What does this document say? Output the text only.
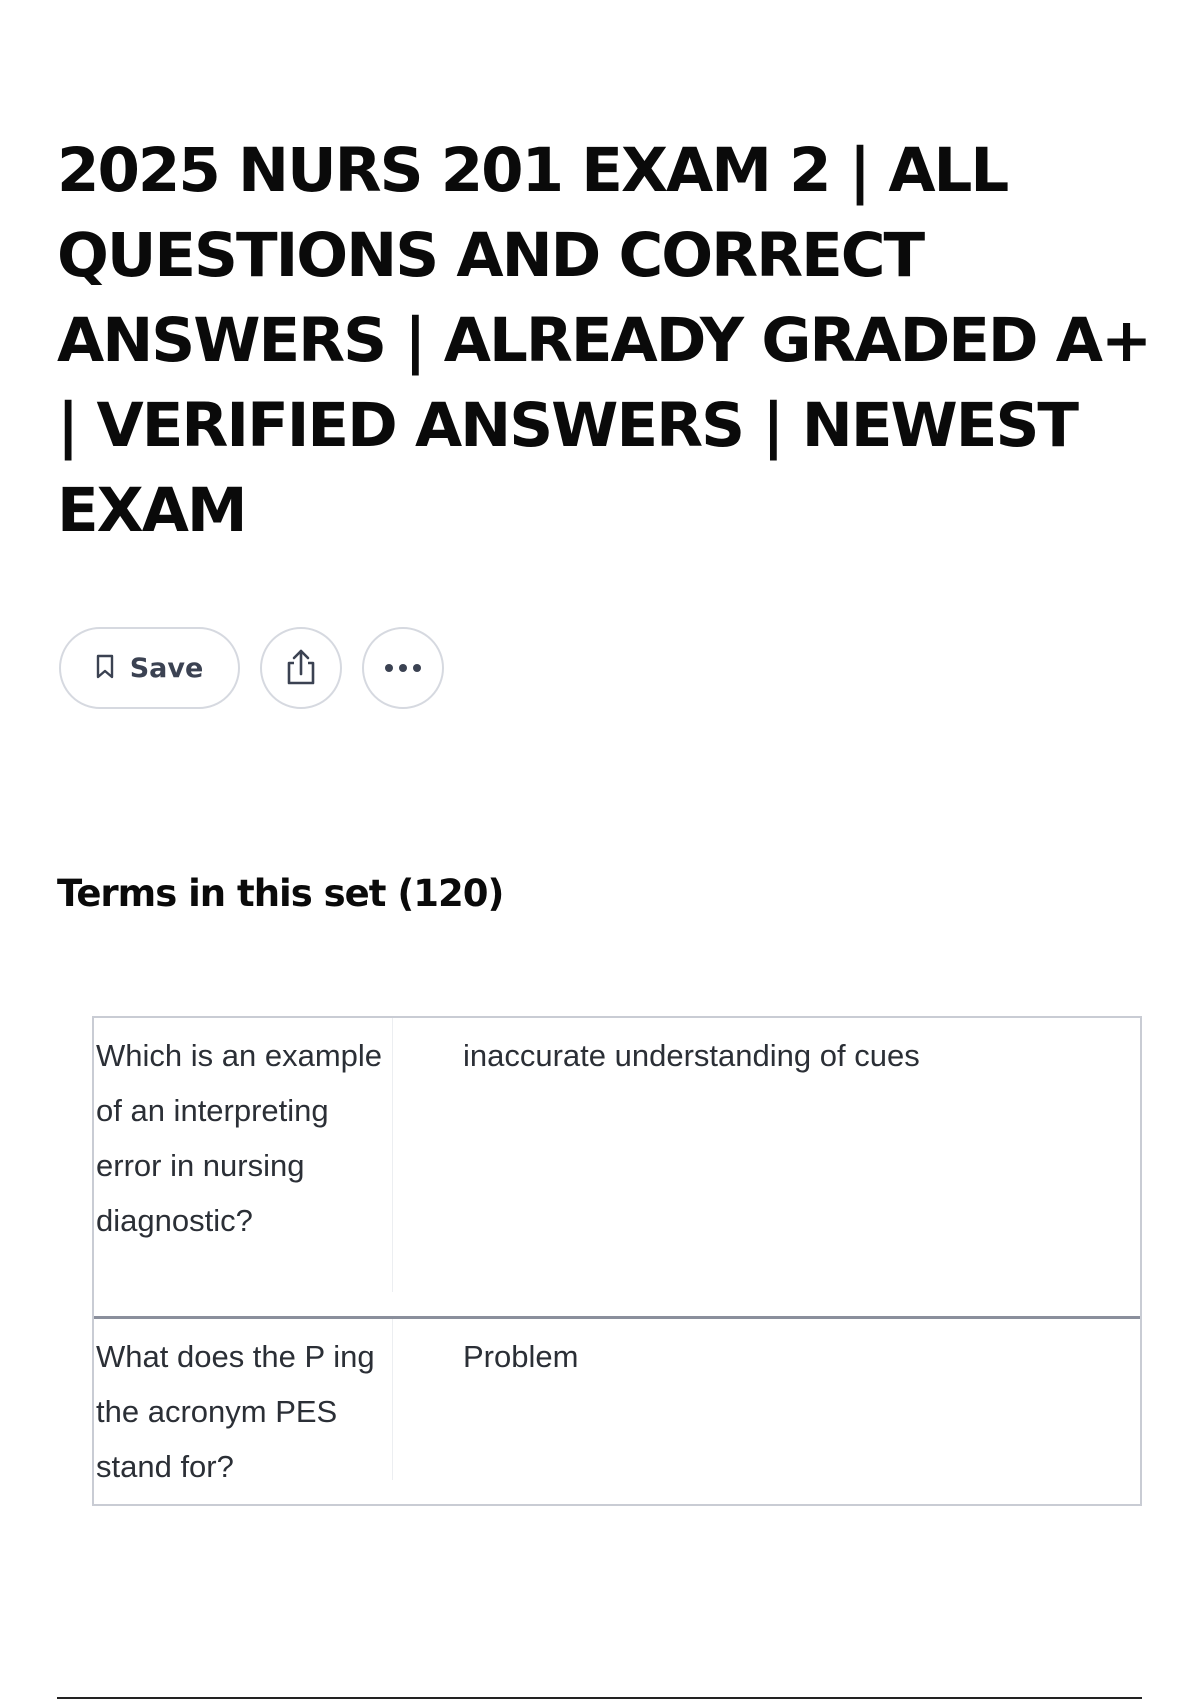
2025 NURS 201 EXAM 2 | ALL QUESTIONS AND CORRECT ANSWERS | ALREADY GRADED A+ | VERIFIED ANSWERS | NEWEST EXAM
Save
Terms in this set (120)
Which is an example of an interpreting error in nursing diagnostic?
inaccurate understanding of cues
What does the P ing the acronym PES stand for?
Problem
